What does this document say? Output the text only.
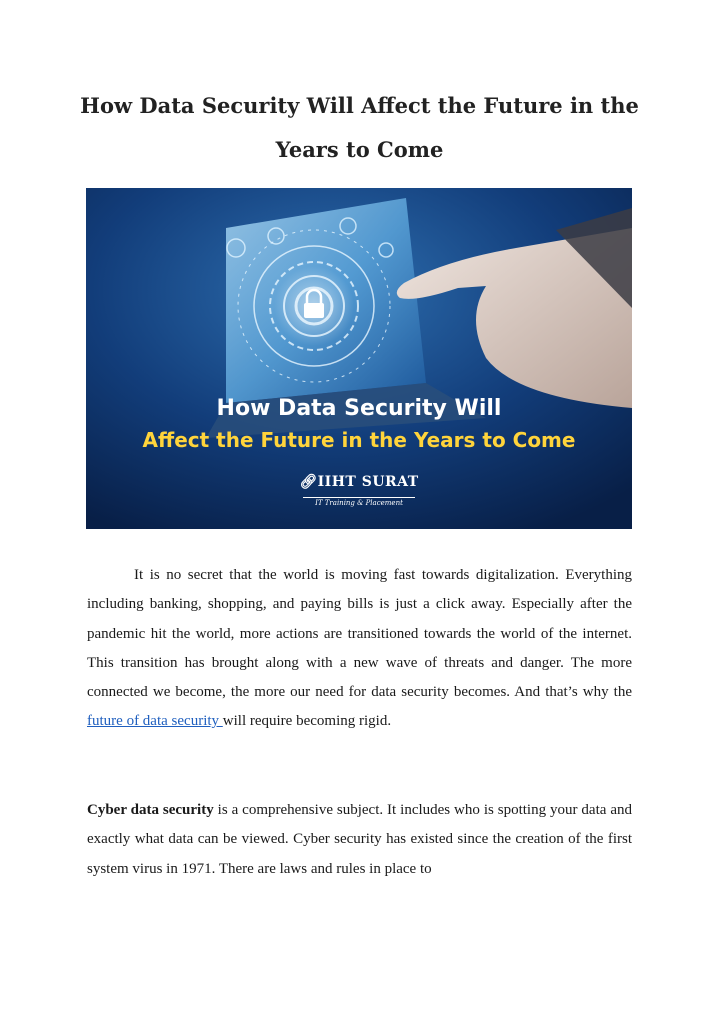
How Data Security Will Affect the Future in the Years to Come
How Data Security Will
Affect the Future in the Years to Come
🔗︎IIHT SURAT
IT Training & Placement

It is no secret that the world is moving fast towards digitalization. Everything including banking, shopping, and paying bills is just a click away. Especially after the pandemic hit the world, more actions are transitioned towards the world of the internet. This transition has brought along with a new wave of threats and danger. The more connected we become, the more our need for data security becomes. And that’s why the future of data security will require becoming rigid.

Cyber data security is a comprehensive subject. It includes who is spotting your data and exactly what data can be viewed. Cyber security has existed since the creation of the first system virus in 1971. There are laws and rules in place to
